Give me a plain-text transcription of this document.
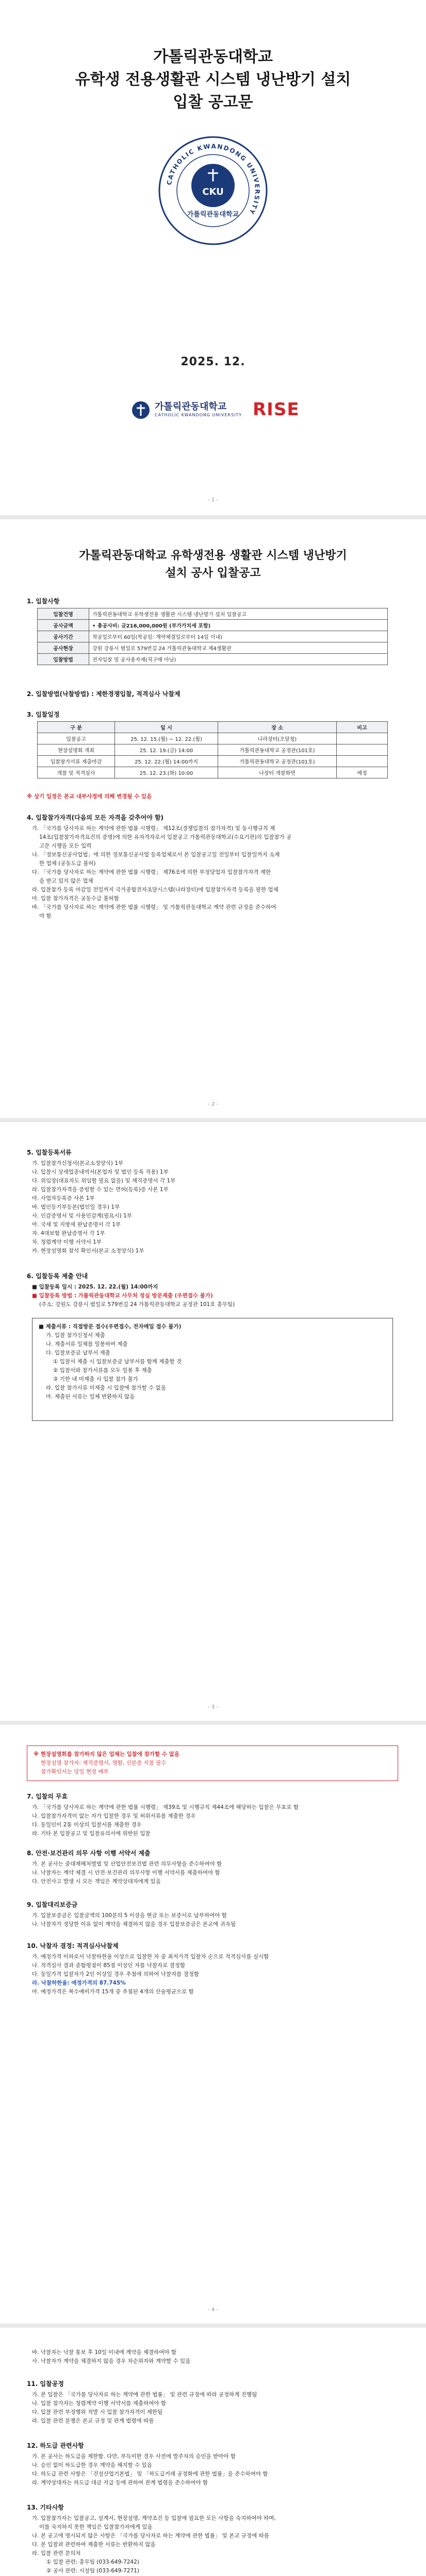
가톨릭관동대학교
유학생 전용생활관 시스템 냉난방기 설치
입찰 공고문
CATHOLIC KWANDONG UNIVERSITY
CKU
가톨릭관동대학교
2025. 12.
가톨릭관동대학교
CATHOLIC KWANDONG UNIVERSITY RISE
- 1 -
가톨릭관동대학교 유학생전용 생활관 시스템 냉난방기
설치 공사 입찰공고
1. 입찰사항
입찰건명	가톨릭관동대학교 유학생전용 생활관 시스템 냉난방기 설치 입찰공고
공사금액	• 총공사비: 금216,000,000원 (부가가치세 포함)
공사기간	착공일로부터 60일(착공일: 계약체결일로부터 14일 이내)
공사현장	강원 강릉시 범일로 579번길 24 가톨릭관동대학교 제4생활관
입찰방법	전자입찰 및 공사용자재(직구매 아님)
2. 입찰방법(낙찰방법) : 제한경쟁입찰, 적격심사 낙찰제
3. 입찰일정
구 분	일 시	장 소	비고
입찰공고	25. 12. 15.(월) ~ 12. 22.(월)	나라장터(조달청)	
현장설명회 개최	25. 12. 19.(금) 14:00	가톨릭관동대학교 공정관(101호)	
입찰참가서류 제출마감	25. 12. 22.(월) 14:00까지	가톨릭관동대학교 공정관(101호)	
개찰 및 적격심사	25. 12. 23.(화) 10:00	나장터 개찰화면	예정
※ 상기 일정은 본교 내부사정에 의해 변경될 수 있음
4. 입찰참가자격(다음의 모든 자격을 갖추어야 함)
가. 「국가를 당사자로 하는 계약에 관한 법률 시행령」 제12조(경쟁입찰의 참가자격) 및 동시행규칙 제
14조(입찰참가자격요건의 증명)에 의한 유자격자로서 입찰공고 가톨릭관동대학교(수요기관)의 입찰참가 공
고문 시행을 모든 입력
나. 「정보통신공사업법」에 의한 정보통신공사업 등록업체로서 본 입찰공고일 전일부터 입찰일까지 소재
한 업체 (공동도급 불허)
다. 「국가를 당사자로 하는 계약에 관한 법률 시행령」 제76조에 의한 부정당업자 입찰참가자격 제한
을 받고 있지 않은 업체
라. 입찰참가 등록 마감일 전일까지 국가종합전자조달시스템(나라장터)에 입찰참가자격 등록을 필한 업체
마. 입찰 참가자격은 공동수급 불허함
바. 「국가를 당사자로 하는 계약에 관한 법률 시행령」 및 가톨릭관동대학교 계약 관련 규정을 준수하여
야 함
- 2 -
5. 입찰등록서류
가. 입찰참가신청서(본교소정양식) 1부
나. 입찰시 상세업종내역서(본업자 및 법인 등록 적용) 1부
다. 위임장(대표자도 위임할 필요 없을) 및 재직증명서 각 1부
라. 입찰참가자격을 증빙할 수 있는 면허(등록)증 사본 1부
마. 사업자등록증 사본 1부
바. 법인등기부등본(법인일 경우) 1부
사. 인감증명서 및 사용인감계(필요시) 1부
아. 국세 및 지방세 완납증명서 각 1부
자. 4대보험 완납증명서 각 1부
차. 청렴계약 이행 서약서 1부
카. 현장설명회 참석 확인서(본교 소정양식) 1부
6. 입찰등록 제출 안내
■ 입찰등록 일시 : 2025. 12. 22.(월) 14:00까지
■ 입찰등록 방법 : 가톨릭관동대학교 사무처 정실 방문제출 (우편접수 불가)
(주소: 강원도 강릉시 범일로 579번길 24 가톨릭관동대학교 공정관 101호 총무팀)
■ 제출서류 : 직접방문 접수(우편접수, 전자메일 접수 불가)
가. 입찰 참가신청서 제출
나. 제출서류 일체를 밀봉하여 제출
다. 입찰보증금 납부서 제출
① 입찰서 제출 시 입찰보증금 납부서를 함께 제출할 것
② 입찰서와 참가서류를 모두 밀봉 후 제출
③ 기한 내 미제출 시 입찰 참가 불가
라. 입찰 참가서류 미제출 시 입찰에 참가할 수 없음
마. 제출된 서류는 일체 반환하지 않음
- 3 -
※ 현장설명회를 참가하지 않은 업체는 입찰에 참가할 수 없음
현장설명 참가자: 재직증명서, 명함, 신분증 지참 필수
참가확인서는 당일 현장 배부
7. 입찰의 무효
가. 「국가를 당사자로 하는 계약에 관한 법률 시행령」 제39조 및 시행규칙 제44조에 해당하는 입찰은 무효로 함
나. 입찰참가자격이 없는 자가 입찰한 경우 및 허위서류를 제출한 경우
다. 동일인이 2통 이상의 입찰서를 제출한 경우
라. 기타 본 입찰공고 및 입찰유의서에 위반된 입찰
8. 안전·보건관리 의무 사항 이행 서약서 제출
가. 본 공사는 중대재해처벌법 및 산업안전보건법 관련 의무사항을 준수하여야 함
나. 낙찰자는 계약 체결 시 안전·보건관리 의무사항 이행 서약서를 제출하여야 함
다. 안전사고 발생 시 모든 책임은 계약상대자에게 있음
9. 입찰대리보증금
가. 입찰보증금은 입찰금액의 100분의 5 이상을 현금 또는 보증서로 납부하여야 함
나. 낙찰자가 정당한 이유 없이 계약을 체결하지 않을 경우 입찰보증금은 본교에 귀속됨
10. 낙찰자 결정: 적격심사낙찰제
가. 예정가격 이하로서 낙찰하한율 이상으로 입찰한 자 중 최저가격 입찰자 순으로 적격심사를 실시함
나. 적격심사 결과 종합평점이 85점 이상인 자를 낙찰자로 결정함
다. 동일가격 입찰자가 2인 이상일 경우 추첨에 의하여 낙찰자를 결정함
라. 낙찰하한율: 예정가격의 87.745%
마. 예정가격은 복수예비가격 15개 중 추첨된 4개의 산술평균으로 함
- 4 -
바. 낙찰자는 낙찰 통보 후 10일 이내에 계약을 체결하여야 함
사. 낙찰자가 계약을 체결하지 않을 경우 차순위자와 계약할 수 있음
11. 입찰공정
가. 본 입찰은 「국가를 당사자로 하는 계약에 관한 법률」 및 관련 규정에 따라 공정하게 진행됨
나. 입찰 참가자는 청렴계약 이행 서약서를 제출하여야 함
다. 입찰 관련 부정행위 적발 시 입찰 참가자격이 제한됨
라. 입찰 관련 분쟁은 본교 규정 및 관계 법령에 따름
12. 하도급 관련사항
가. 본 공사는 하도급을 제한함. 다만, 부득이한 경우 사전에 발주처의 승인을 받아야 함
나. 승인 없이 하도급한 경우 계약을 해지할 수 있음
다. 하도급 관련 사항은 「건설산업기본법」 및 「하도급거래 공정화에 관한 법률」을 준수하여야 함
라. 계약상대자는 하도급 대금 지급 등에 관하여 관계 법령을 준수하여야 함
13. 기타사항
가. 입찰참가자는 입찰공고, 설계서, 현장설명, 계약조건 등 입찰에 필요한 모든 사항을 숙지하여야 하며,
이를 숙지하지 못한 책임은 입찰참가자에게 있음
나. 본 공고에 명시되지 않은 사항은 「국가를 당사자로 하는 계약에 관한 법률」 및 본교 규정에 따름
다. 본 입찰과 관련하여 제출한 서류는 반환하지 않음
라. 입찰 관련 문의처
① 입찰 관련: 총무팀 (033-649-7242)
② 공사 관련: 시설팀 (033-649-7271)
